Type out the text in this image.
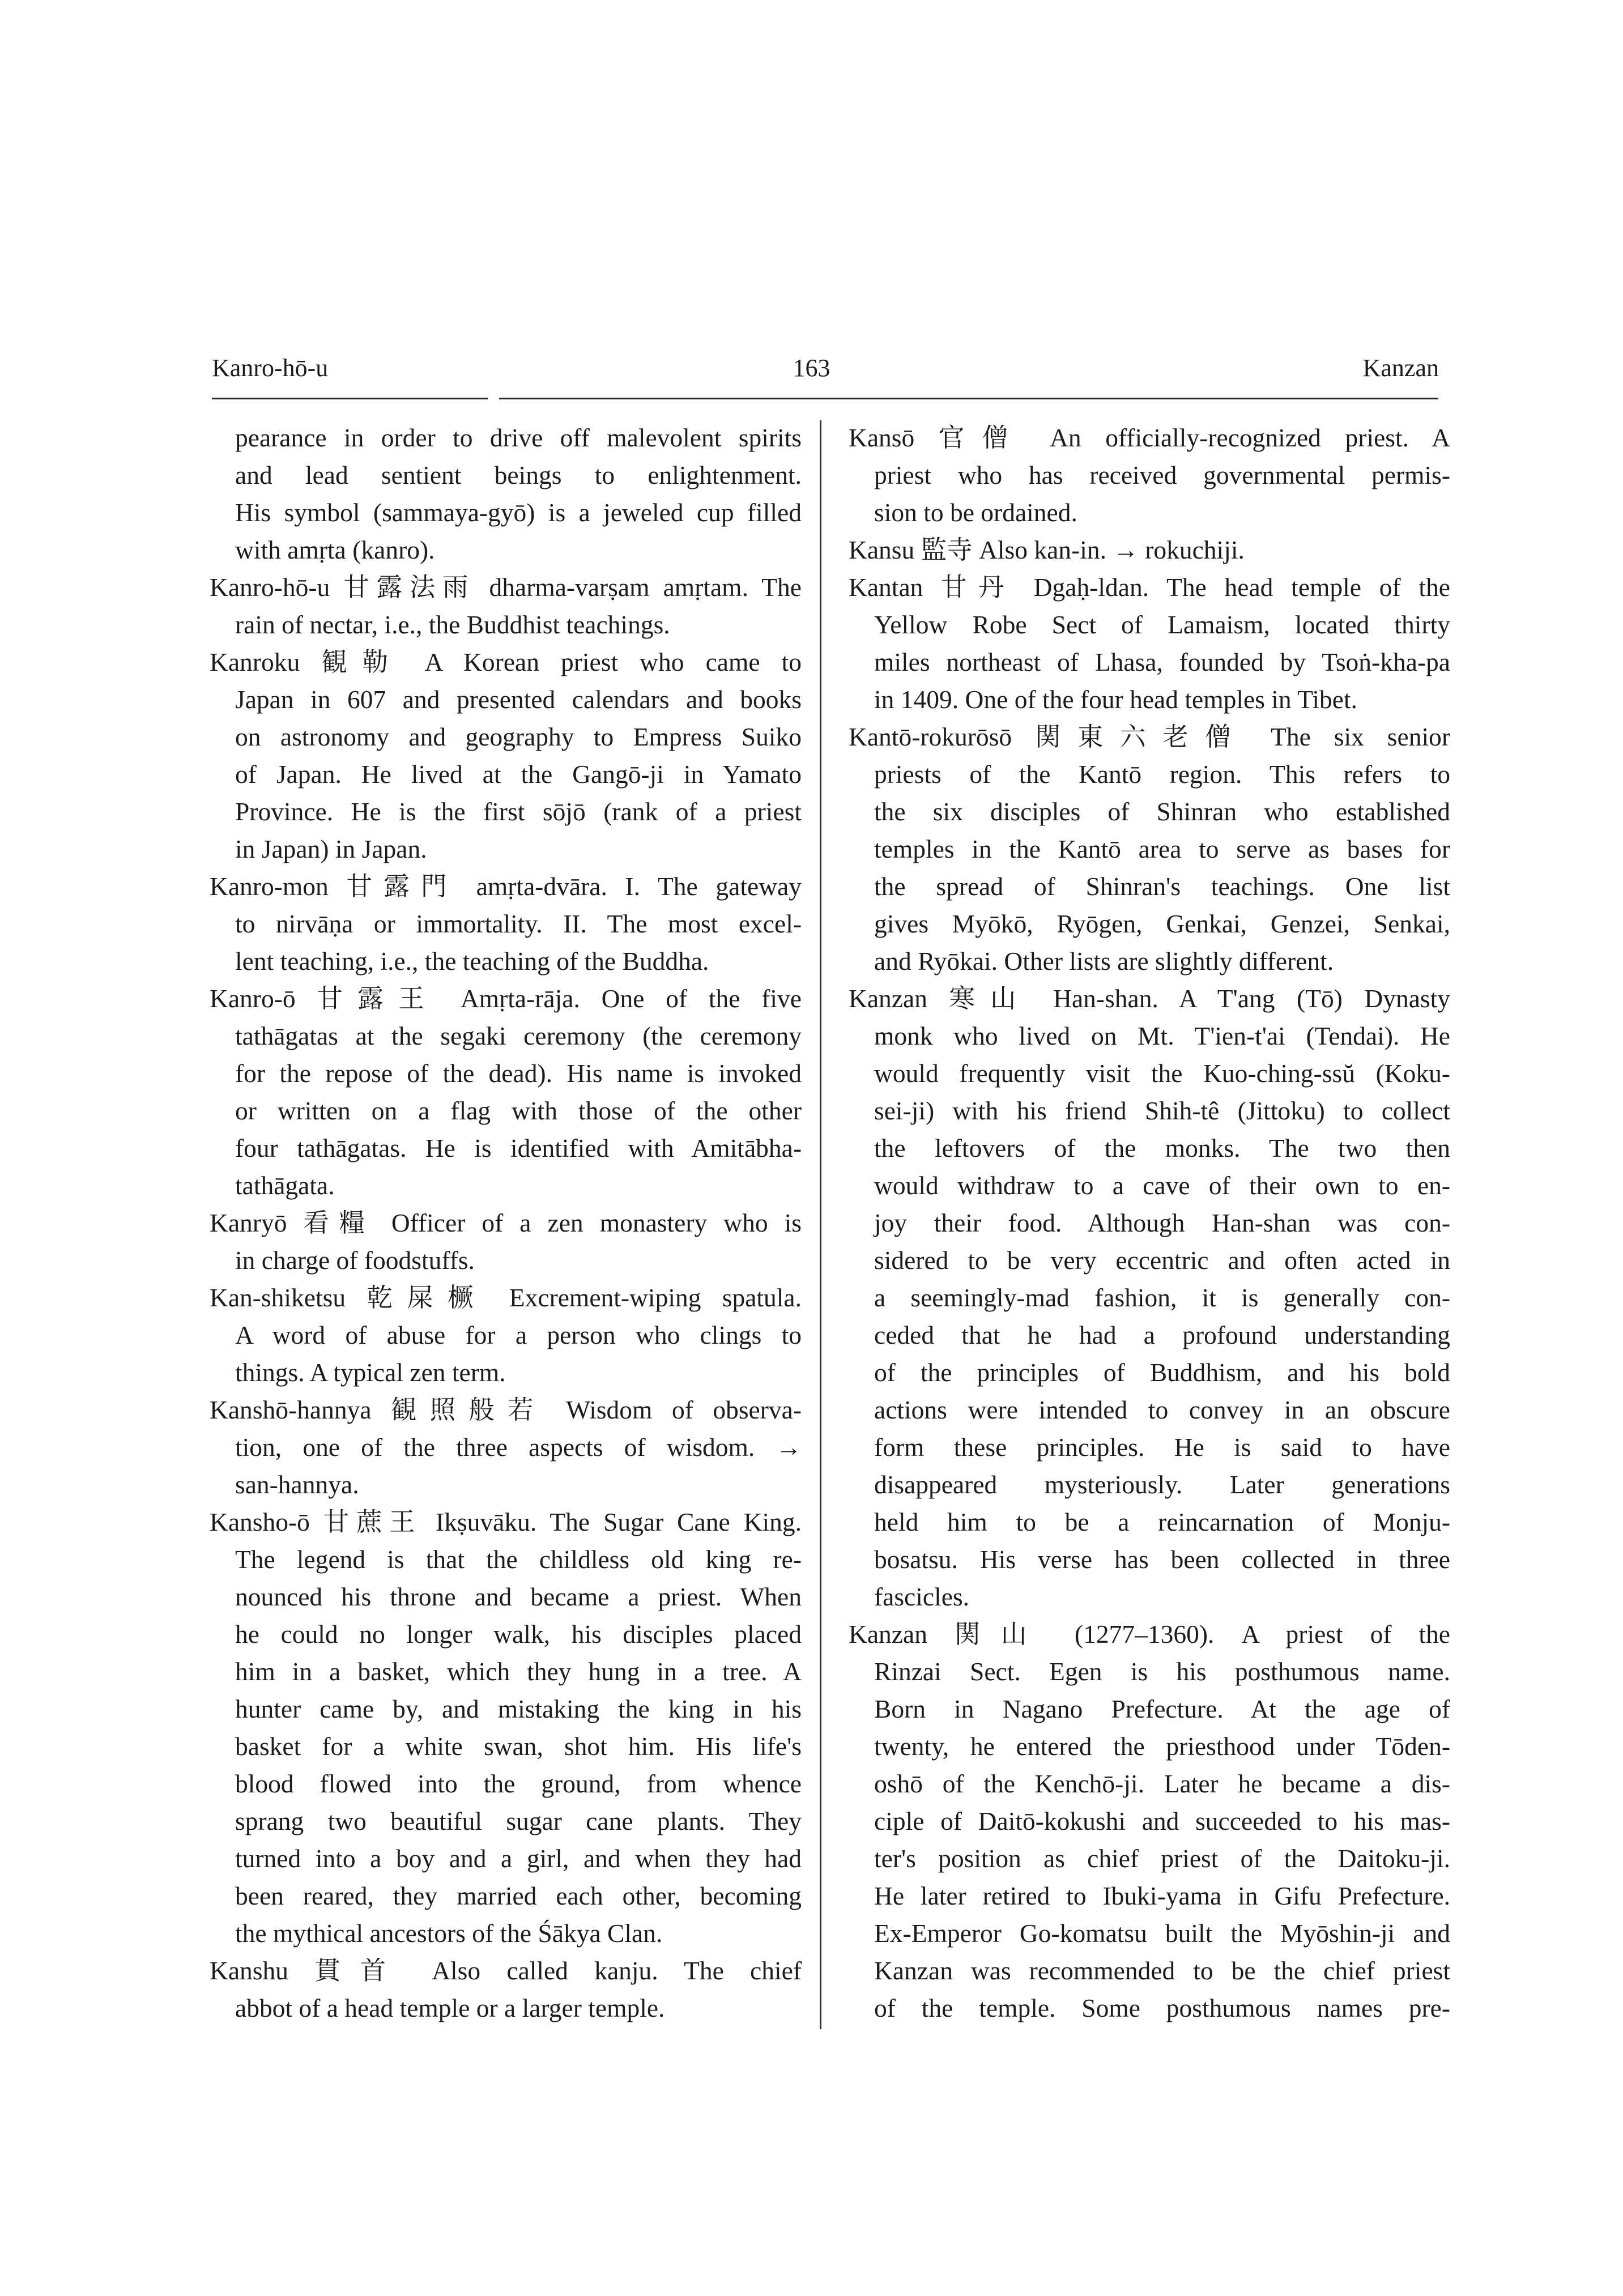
Kanro-hō-u	163	Kanzan
pearance in order to drive off malevolent spirits
and lead sentient beings to enlightenment.
His symbol (sammaya-gyō) is a jeweled cup filled
with amṛta (kanro).
Kanro-hō-u 甘露法雨 dharma-varṣam amṛtam. The
rain of nectar, i.e., the Buddhist teachings.
Kanroku 観勒 A Korean priest who came to
Japan in 607 and presented calendars and books
on astronomy and geography to Empress Suiko
of Japan. He lived at the Gangō-ji in Yamato
Province. He is the first sōjō (rank of a priest
in Japan) in Japan.
Kanro-mon 甘露門 amṛta-dvāra. I. The gateway
to nirvāṇa or immortality. II. The most excel-
lent teaching, i.e., the teaching of the Buddha.
Kanro-ō 甘露王 Amṛta-rāja. One of the five
tathāgatas at the segaki ceremony (the ceremony
for the repose of the dead). His name is invoked
or written on a flag with those of the other
four tathāgatas. He is identified with Amitābha-
tathāgata.
Kanryō 看糧 Officer of a zen monastery who is
in charge of foodstuffs.
Kan-shiketsu 乾屎橛 Excrement-wiping spatula.
A word of abuse for a person who clings to
things. A typical zen term.
Kanshō-hannya 観照般若 Wisdom of observa-
tion, one of the three aspects of wisdom. →
san-hannya.
Kansho-ō 甘蔗王 Ikṣuvāku. The Sugar Cane King.
The legend is that the childless old king re-
nounced his throne and became a priest. When
he could no longer walk, his disciples placed
him in a basket, which they hung in a tree. A
hunter came by, and mistaking the king in his
basket for a white swan, shot him. His life's
blood flowed into the ground, from whence
sprang two beautiful sugar cane plants. They
turned into a boy and a girl, and when they had
been reared, they married each other, becoming
the mythical ancestors of the Śākya Clan.
Kanshu 貫首 Also called kanju. The chief
abbot of a head temple or a larger temple.
Kansō 官僧 An officially-recognized priest. A
priest who has received governmental permis-
sion to be ordained.
Kansu 監寺 Also kan-in. → rokuchiji.
Kantan 甘丹 Dgaḥ-ldan. The head temple of the
Yellow Robe Sect of Lamaism, located thirty
miles northeast of Lhasa, founded by Tsoṅ-kha-pa
in 1409. One of the four head temples in Tibet.
Kantō-rokurōsō 関東六老僧 The six senior
priests of the Kantō region. This refers to
the six disciples of Shinran who established
temples in the Kantō area to serve as bases for
the spread of Shinran's teachings. One list
gives Myōkō, Ryōgen, Genkai, Genzei, Senkai,
and Ryōkai. Other lists are slightly different.
Kanzan 寒山 Han-shan. A T'ang (Tō) Dynasty
monk who lived on Mt. T'ien-t'ai (Tendai). He
would frequently visit the Kuo-ching-ssŭ (Koku-
sei-ji) with his friend Shih-tê (Jittoku) to collect
the leftovers of the monks. The two then
would withdraw to a cave of their own to en-
joy their food. Although Han-shan was con-
sidered to be very eccentric and often acted in
a seemingly-mad fashion, it is generally con-
ceded that he had a profound understanding
of the principles of Buddhism, and his bold
actions were intended to convey in an obscure
form these principles. He is said to have
disappeared mysteriously. Later generations
held him to be a reincarnation of Monju-
bosatsu. His verse has been collected in three
fascicles.
Kanzan 関山 (1277–1360). A priest of the
Rinzai Sect. Egen is his posthumous name.
Born in Nagano Prefecture. At the age of
twenty, he entered the priesthood under Tōden-
oshō of the Kenchō-ji. Later he became a dis-
ciple of Daitō-kokushi and succeeded to his mas-
ter's position as chief priest of the Daitoku-ji.
He later retired to Ibuki-yama in Gifu Prefecture.
Ex-Emperor Go-komatsu built the Myōshin-ji and
Kanzan was recommended to be the chief priest
of the temple. Some posthumous names pre-
